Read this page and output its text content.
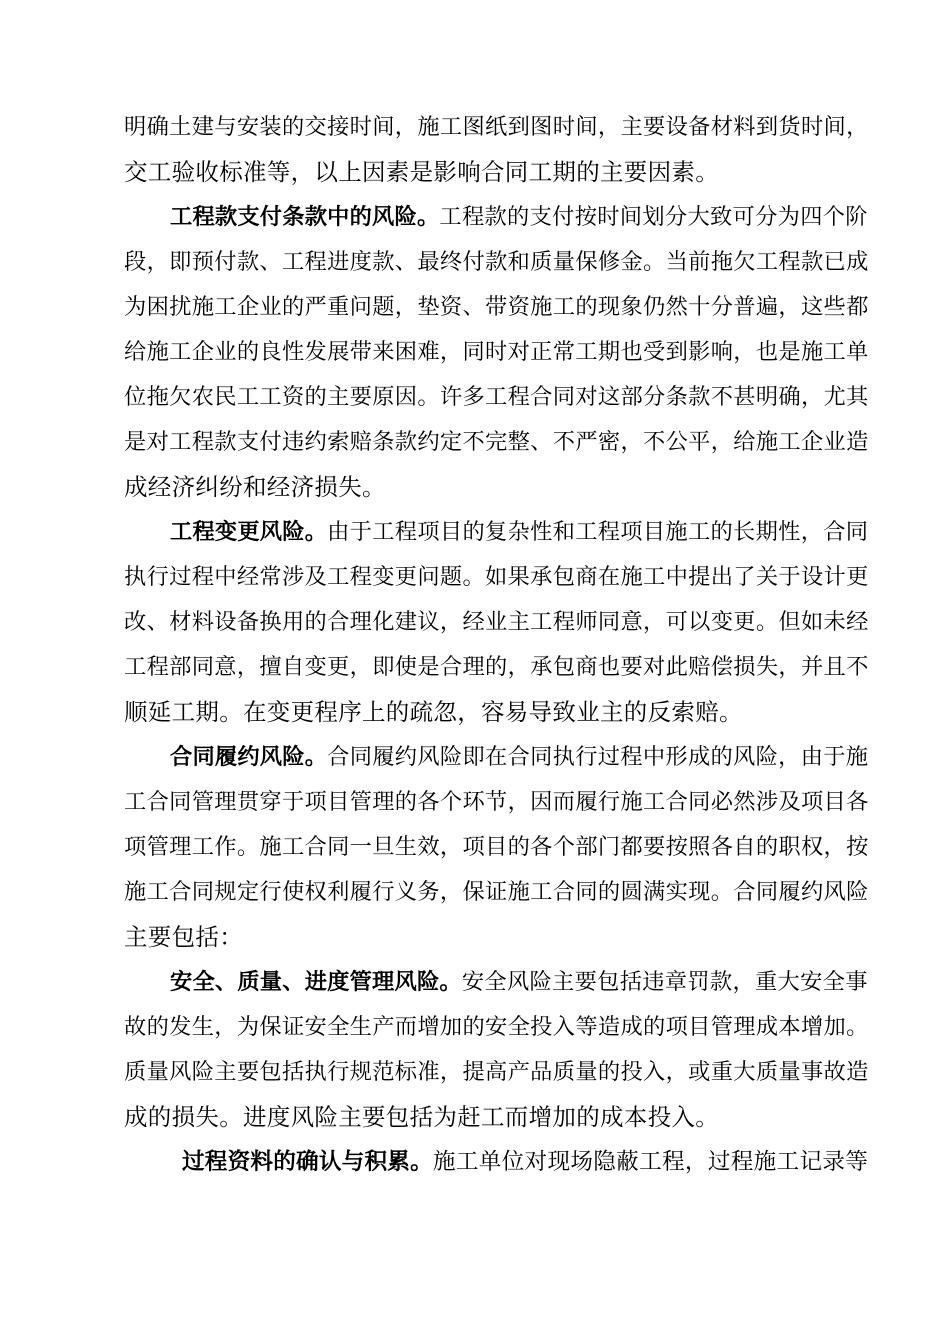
明确土建与安装的交接时间，施工图纸到图时间，主要设备材料到货时间，
交工验收标准等，以上因素是影响合同工期的主要因素。
工程款支付条款中的风险。工程款的支付按时间划分大致可分为四个阶
段，即预付款、工程进度款、最终付款和质量保修金。当前拖欠工程款已成
为困扰施工企业的严重问题，垫资、带资施工的现象仍然十分普遍，这些都
给施工企业的良性发展带来困难，同时对正常工期也受到影响，也是施工单
位拖欠农民工工资的主要原因。许多工程合同对这部分条款不甚明确，尤其
是对工程款支付违约索赔条款约定不完整、不严密，不公平，给施工企业造
成经济纠纷和经济损失。
工程变更风险。由于工程项目的复杂性和工程项目施工的长期性，合同
执行过程中经常涉及工程变更问题。如果承包商在施工中提出了关于设计更
改、材料设备换用的合理化建议，经业主工程师同意，可以变更。但如未经
工程部同意，擅自变更，即使是合理的，承包商也要对此赔偿损失，并且不
顺延工期。在变更程序上的疏忽，容易导致业主的反索赔。
合同履约风险。合同履约风险即在合同执行过程中形成的风险，由于施
工合同管理贯穿于项目管理的各个环节，因而履行施工合同必然涉及项目各
项管理工作。施工合同一旦生效，项目的各个部门都要按照各自的职权，按
施工合同规定行使权利履行义务，保证施工合同的圆满实现。合同履约风险
主要包括：
安全、质量、进度管理风险。安全风险主要包括违章罚款，重大安全事
故的发生，为保证安全生产而增加的安全投入等造成的项目管理成本增加。
质量风险主要包括执行规范标准，提高产品质量的投入，或重大质量事故造
成的损失。进度风险主要包括为赶工而增加的成本投入。
过程资料的确认与积累。施工单位对现场隐蔽工程，过程施工记录等
